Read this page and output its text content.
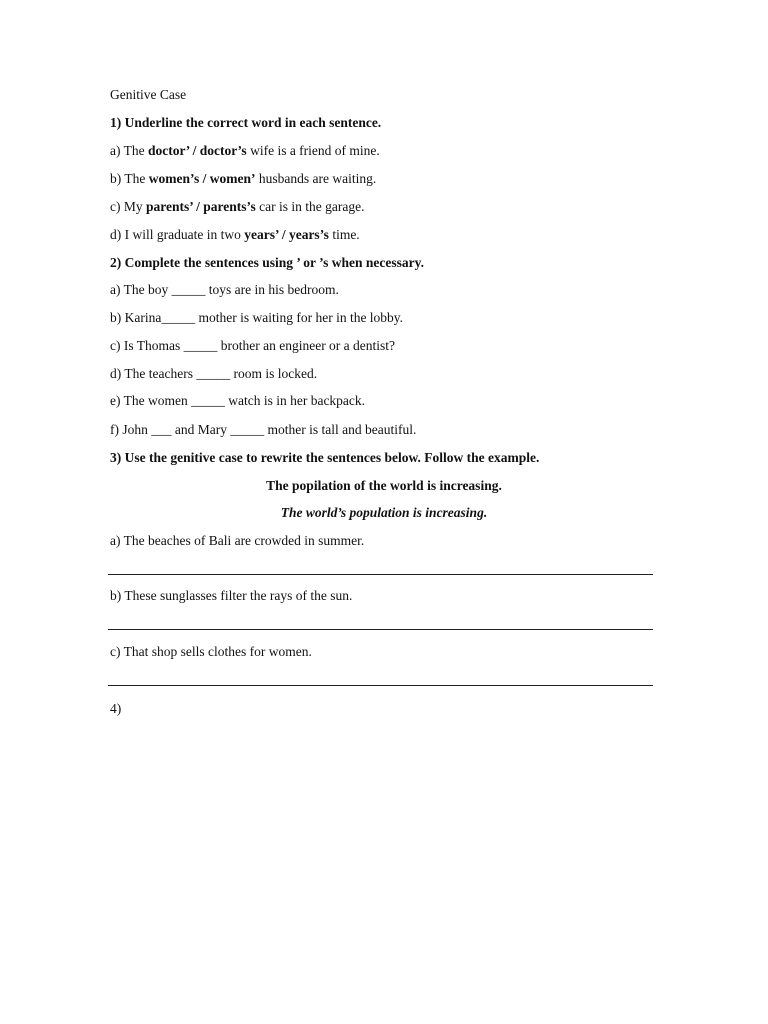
Genitive Case
1) Underline the correct word in each sentence.
a) The doctor’ / doctor’s wife is a friend of mine.
b) The women’s / women’ husbands are waiting.
c) My parents’ / parents’s car is in the garage.
d) I will graduate in two years’ / years’s time.
2) Complete the sentences using ’ or ’s when necessary.
a) The boy _____ toys are in his bedroom.
b) Karina_____ mother is waiting for her in the lobby.
c) Is Thomas _____ brother an engineer or a dentist?
d) The teachers _____ room is locked.
e) The women _____ watch is in her backpack.
f) John ___ and Mary _____ mother is tall and beautiful.
3) Use the genitive case to rewrite the sentences below. Follow the example.
The popilation of the world is increasing.
The world’s population is increasing.
a) The beaches of Bali are crowded in summer.
b) These sunglasses filter the rays of the sun.
c) That shop sells clothes for women.
4)
